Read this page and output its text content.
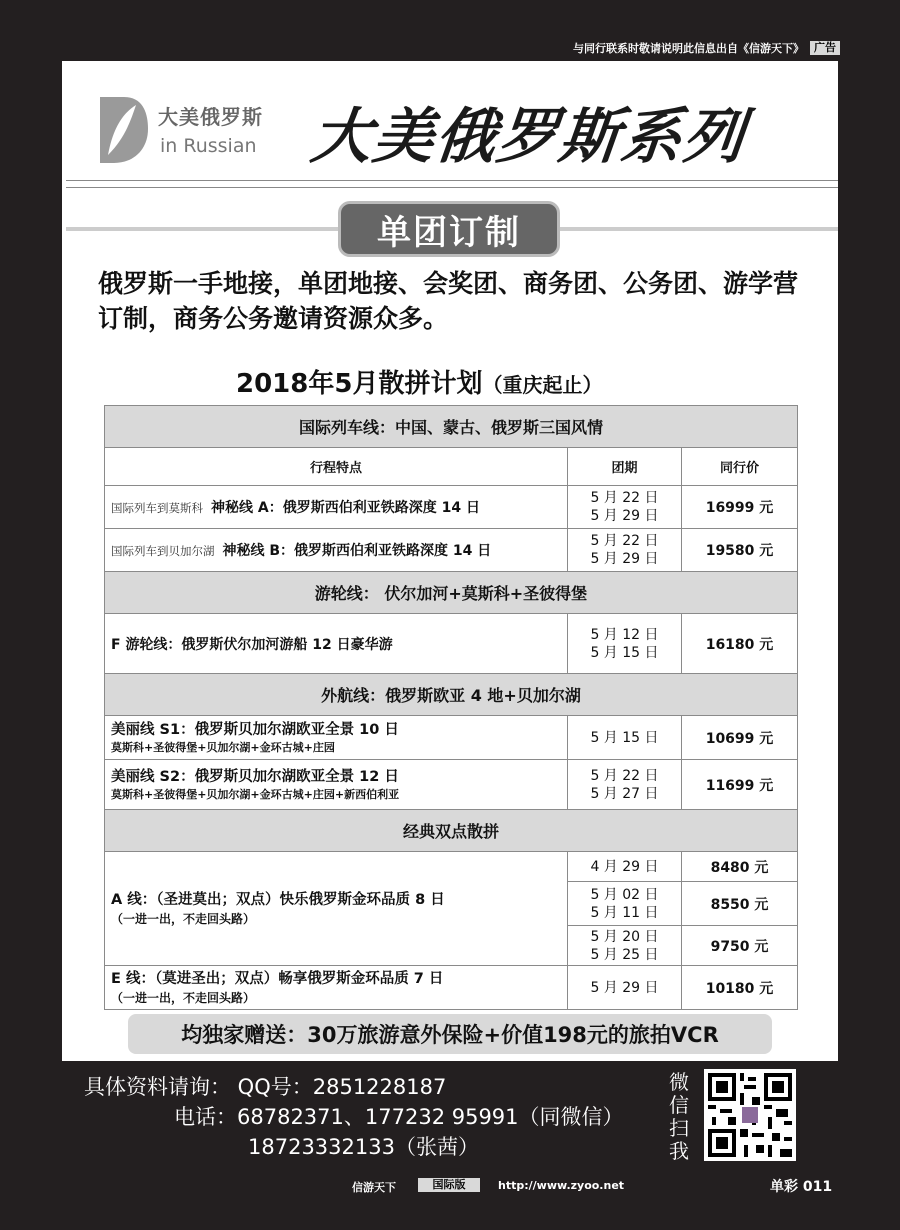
与同行联系时敬请说明此信息出自《信游天下》 广告
大美俄罗斯
in Russian 大美俄罗斯系列
单团订制
俄罗斯一手地接，单团地接、会奖团、商务团、公务团、游学营订制，商务公务邀请资源众多。
2018年5月散拼计划（重庆起止）
国际列车线：中国、蒙古、俄罗斯三国风情		
行程特点	团期	同行价
国际列车到莫斯科 神秘线 A：俄罗斯西伯利亚铁路深度 14 日	5 月 22 日
5 月 29 日	16999 元
国际列车到贝加尔湖 神秘线 B：俄罗斯西伯利亚铁路深度 14 日	5 月 22 日
5 月 29 日	19580 元
游轮线： 伏尔加河+莫斯科+圣彼得堡		
F 游轮线：俄罗斯伏尔加河游船 12 日豪华游	5 月 12 日
5 月 15 日	16180 元
外航线：俄罗斯欧亚 4 地+贝加尔湖		

美丽线 S1：俄罗斯贝加尔湖欧亚全景 10 日
莫斯科+圣彼得堡+贝加尔湖+金环古城+庄园	5 月 15 日	10699 元

美丽线 S2：俄罗斯贝加尔湖欧亚全景 12 日
莫斯科+圣彼得堡+贝加尔湖+金环古城+庄园+新西伯利亚	5 月 22 日
5 月 27 日	11699 元
经典双点散拼		

A 线：（圣进莫出；双点）快乐俄罗斯金环品质 8 日
（一进一出，不走回头路）	4 月 29 日	8480 元
	5 月 02 日
5 月 11 日	8550 元
	5 月 20 日
5 月 25 日	9750 元

E 线：（莫进圣出；双点）畅享俄罗斯金环品质 7 日
（一进一出，不走回头路）	5 月 29 日	10180 元
均独家赠送：30万旅游意外保险+价值198元的旅拍VCR
具体资料请询： QQ号：2851228187
电话：68782371、177232 95991（同微信）
18723332133（张茜）
微信扫我
信游天下	国际版	http://www.zyoo.net	单彩 011
